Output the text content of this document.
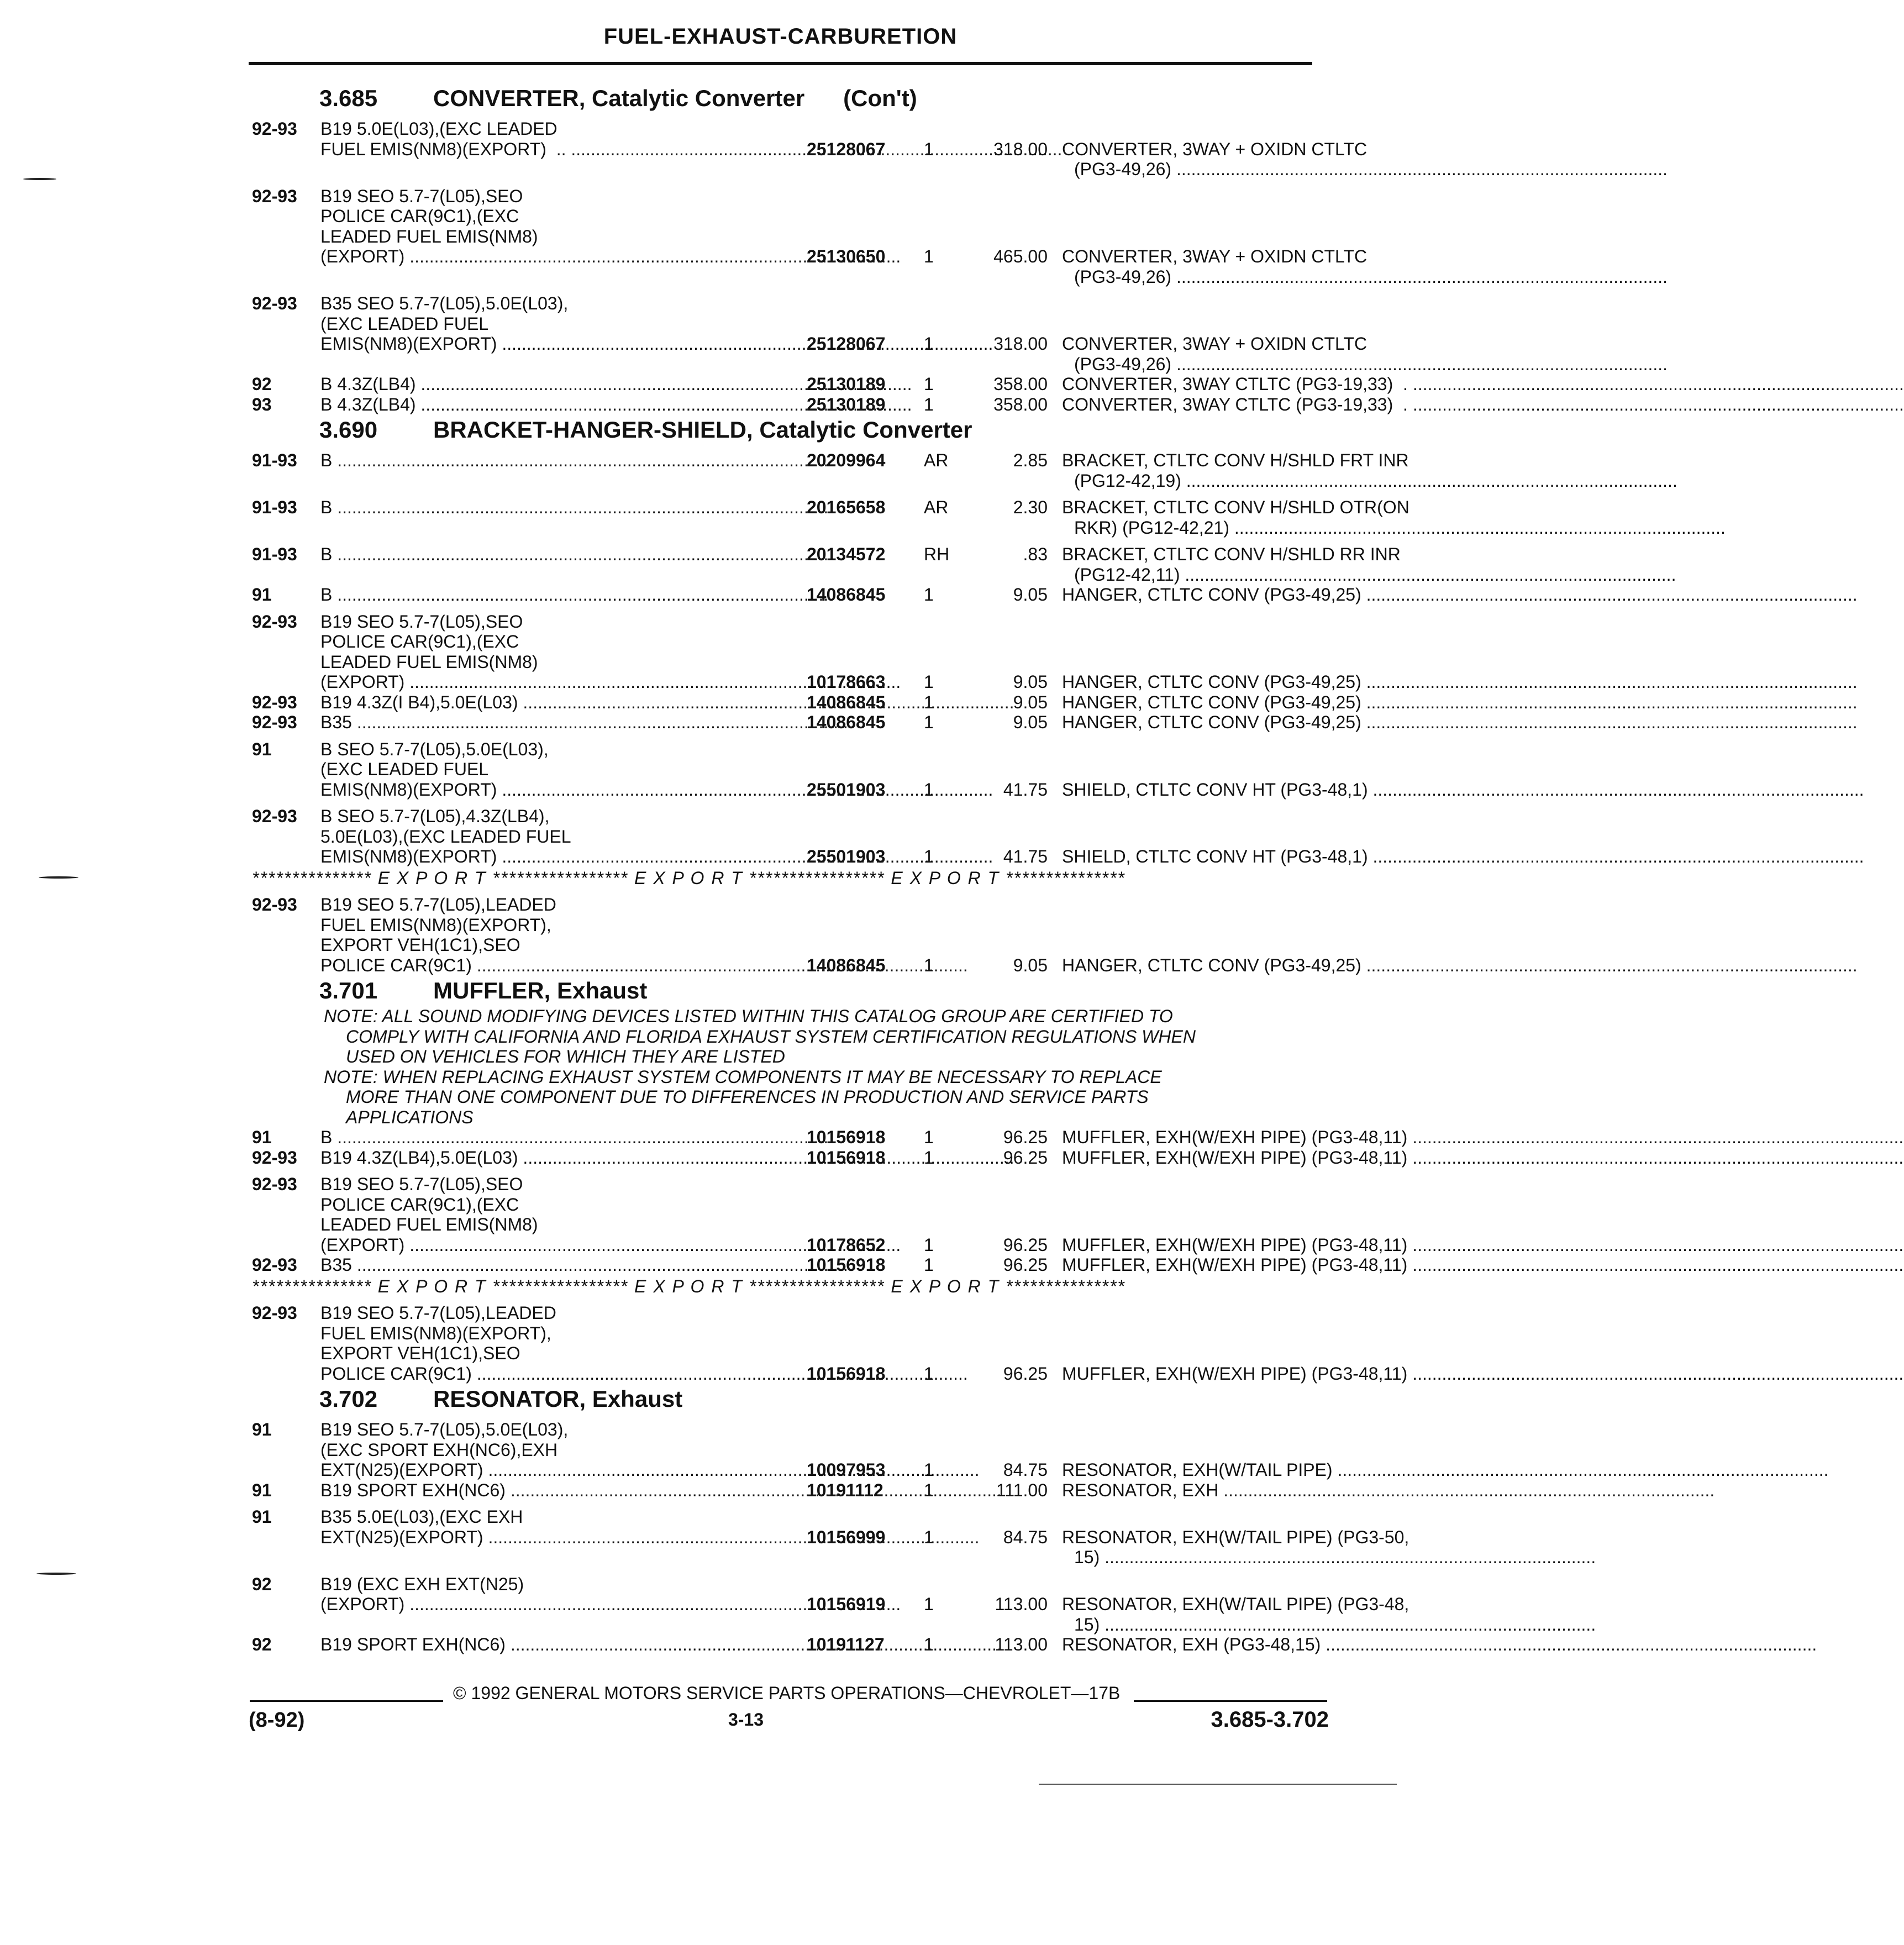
FUEL-EXHAUST-CARBURETION
3.685 CONVERTER, Catalytic Converter (Con't)
92-93	B19 5.0E(L03),(EXC LEADED
FUEL EMIS(NM8)(EXPORT)  .. .....	25128067	1	318.00 CONVERTER, 3WAY + OXIDN CTLTC
(PG3-49,26) .....
92-93	B19 SEO 5.7-7(L05),SEO
POLICE CAR(9C1),(EXC
LEADED FUEL EMIS(NM8)
(EXPORT) .....	25130650	1	465.00 CONVERTER, 3WAY + OXIDN CTLTC
(PG3-49,26) .....
92-93	B35 SEO 5.7-7(L05),5.0E(L03),
(EXC LEADED FUEL
EMIS(NM8)(EXPORT) .....	25128067	1	318.00 CONVERTER, 3WAY + OXIDN CTLTC
(PG3-49,26) .....
92	B 4.3Z(LB4) .....	25130189	1	358.00 CONVERTER, 3WAY CTLTC (PG3-19,33)  . .....
93	B 4.3Z(LB4) .....	25130189	1	358.00 CONVERTER, 3WAY CTLTC (PG3-19,33)  . .....
3.690 BRACKET-HANGER-SHIELD, Catalytic Converter
91-93	B .....	20209964	AR	2.85 BRACKET, CTLTC CONV H/SHLD FRT INR
(PG12-42,19) .....
91-93	B .....	20165658	AR	2.30 BRACKET, CTLTC CONV H/SHLD OTR(ON
RKR) (PG12-42,21) .....
91-93	B .....	20134572	RH	.83 BRACKET, CTLTC CONV H/SHLD RR INR
(PG12-42,11) .....
91	B .....	14086845	1	9.05 HANGER, CTLTC CONV (PG3-49,25) .....
92-93	B19 SEO 5.7-7(L05),SEO
POLICE CAR(9C1),(EXC
LEADED FUEL EMIS(NM8)
(EXPORT) .....	10178663	1	9.05 HANGER, CTLTC CONV (PG3-49,25) .....
92-93	B19 4.3Z(I B4),5.0E(L03) .....	14086845	1	9.05 HANGER, CTLTC CONV (PG3-49,25) .....
92-93	B35 .....	14086845	1	9.05 HANGER, CTLTC CONV (PG3-49,25) .....
91	B SEO 5.7-7(L05),5.0E(L03),
(EXC LEADED FUEL
EMIS(NM8)(EXPORT) .....	25501903	1	41.75 SHIELD, CTLTC CONV HT (PG3-48,1) .....
92-93	B SEO 5.7-7(L05),4.3Z(LB4),
5.0E(L03),(EXC LEADED FUEL
EMIS(NM8)(EXPORT) .....	25501903	1	41.75 SHIELD, CTLTC CONV HT (PG3-48,1) .....
*************** E X P O R T ***************** E X P O R T ***************** E X P O R T ***************
92-93	B19 SEO 5.7-7(L05),LEADED
FUEL EMIS(NM8)(EXPORT),
EXPORT VEH(1C1),SEO
POLICE CAR(9C1) .....	14086845	1	9.05 HANGER, CTLTC CONV (PG3-49,25) .....
3.701 MUFFLER, Exhaust
NOTE: ALL SOUND MODIFYING DEVICES LISTED WITHIN THIS CATALOG GROUP ARE CERTIFIED TO
COMPLY WITH CALIFORNIA AND FLORIDA EXHAUST SYSTEM CERTIFICATION REGULATIONS WHEN
USED ON VEHICLES FOR WHICH THEY ARE LISTED
NOTE: WHEN REPLACING EXHAUST SYSTEM COMPONENTS IT MAY BE NECESSARY TO REPLACE
MORE THAN ONE COMPONENT DUE TO DIFFERENCES IN PRODUCTION AND SERVICE PARTS
APPLICATIONS
91	B .....	10156918	1	96.25 MUFFLER, EXH(W/EXH PIPE) (PG3-48,11) .....
92-93	B19 4.3Z(LB4),5.0E(L03) .....	10156918	1	96.25 MUFFLER, EXH(W/EXH PIPE) (PG3-48,11) .....
92-93	B19 SEO 5.7-7(L05),SEO
POLICE CAR(9C1),(EXC
LEADED FUEL EMIS(NM8)
(EXPORT) .....	10178652	1	96.25 MUFFLER, EXH(W/EXH PIPE) (PG3-48,11) .....
92-93	B35 .....	10156918	1	96.25 MUFFLER, EXH(W/EXH PIPE) (PG3-48,11) .....
*************** E X P O R T ***************** E X P O R T ***************** E X P O R T ***************
92-93	B19 SEO 5.7-7(L05),LEADED
FUEL EMIS(NM8)(EXPORT),
EXPORT VEH(1C1),SEO
POLICE CAR(9C1) .....	10156918	1	96.25 MUFFLER, EXH(W/EXH PIPE) (PG3-48,11) .....
3.702 RESONATOR, Exhaust
91	B19 SEO 5.7-7(L05),5.0E(L03),
(EXC SPORT EXH(NC6),EXH
EXT(N25)(EXPORT) .....	10097953	1	84.75 RESONATOR, EXH(W/TAIL PIPE) .....
91	B19 SPORT EXH(NC6) .....	10191112	1	111.00 RESONATOR, EXH .....
91	B35 5.0E(L03),(EXC EXH
EXT(N25)(EXPORT) .....	10156999	1	84.75 RESONATOR, EXH(W/TAIL PIPE) (PG3-50,
15) .....
92	B19 (EXC EXH EXT(N25)
(EXPORT) .....	10156919	1	113.00 RESONATOR, EXH(W/TAIL PIPE) (PG3-48,
15) .....
92	B19 SPORT EXH(NC6) .....	10191127	1	113.00 RESONATOR, EXH (PG3-48,15) .....
© 1992 GENERAL MOTORS SERVICE PARTS OPERATIONS—CHEVROLET—17B
(8-92)	3-13	3.685-3.702
